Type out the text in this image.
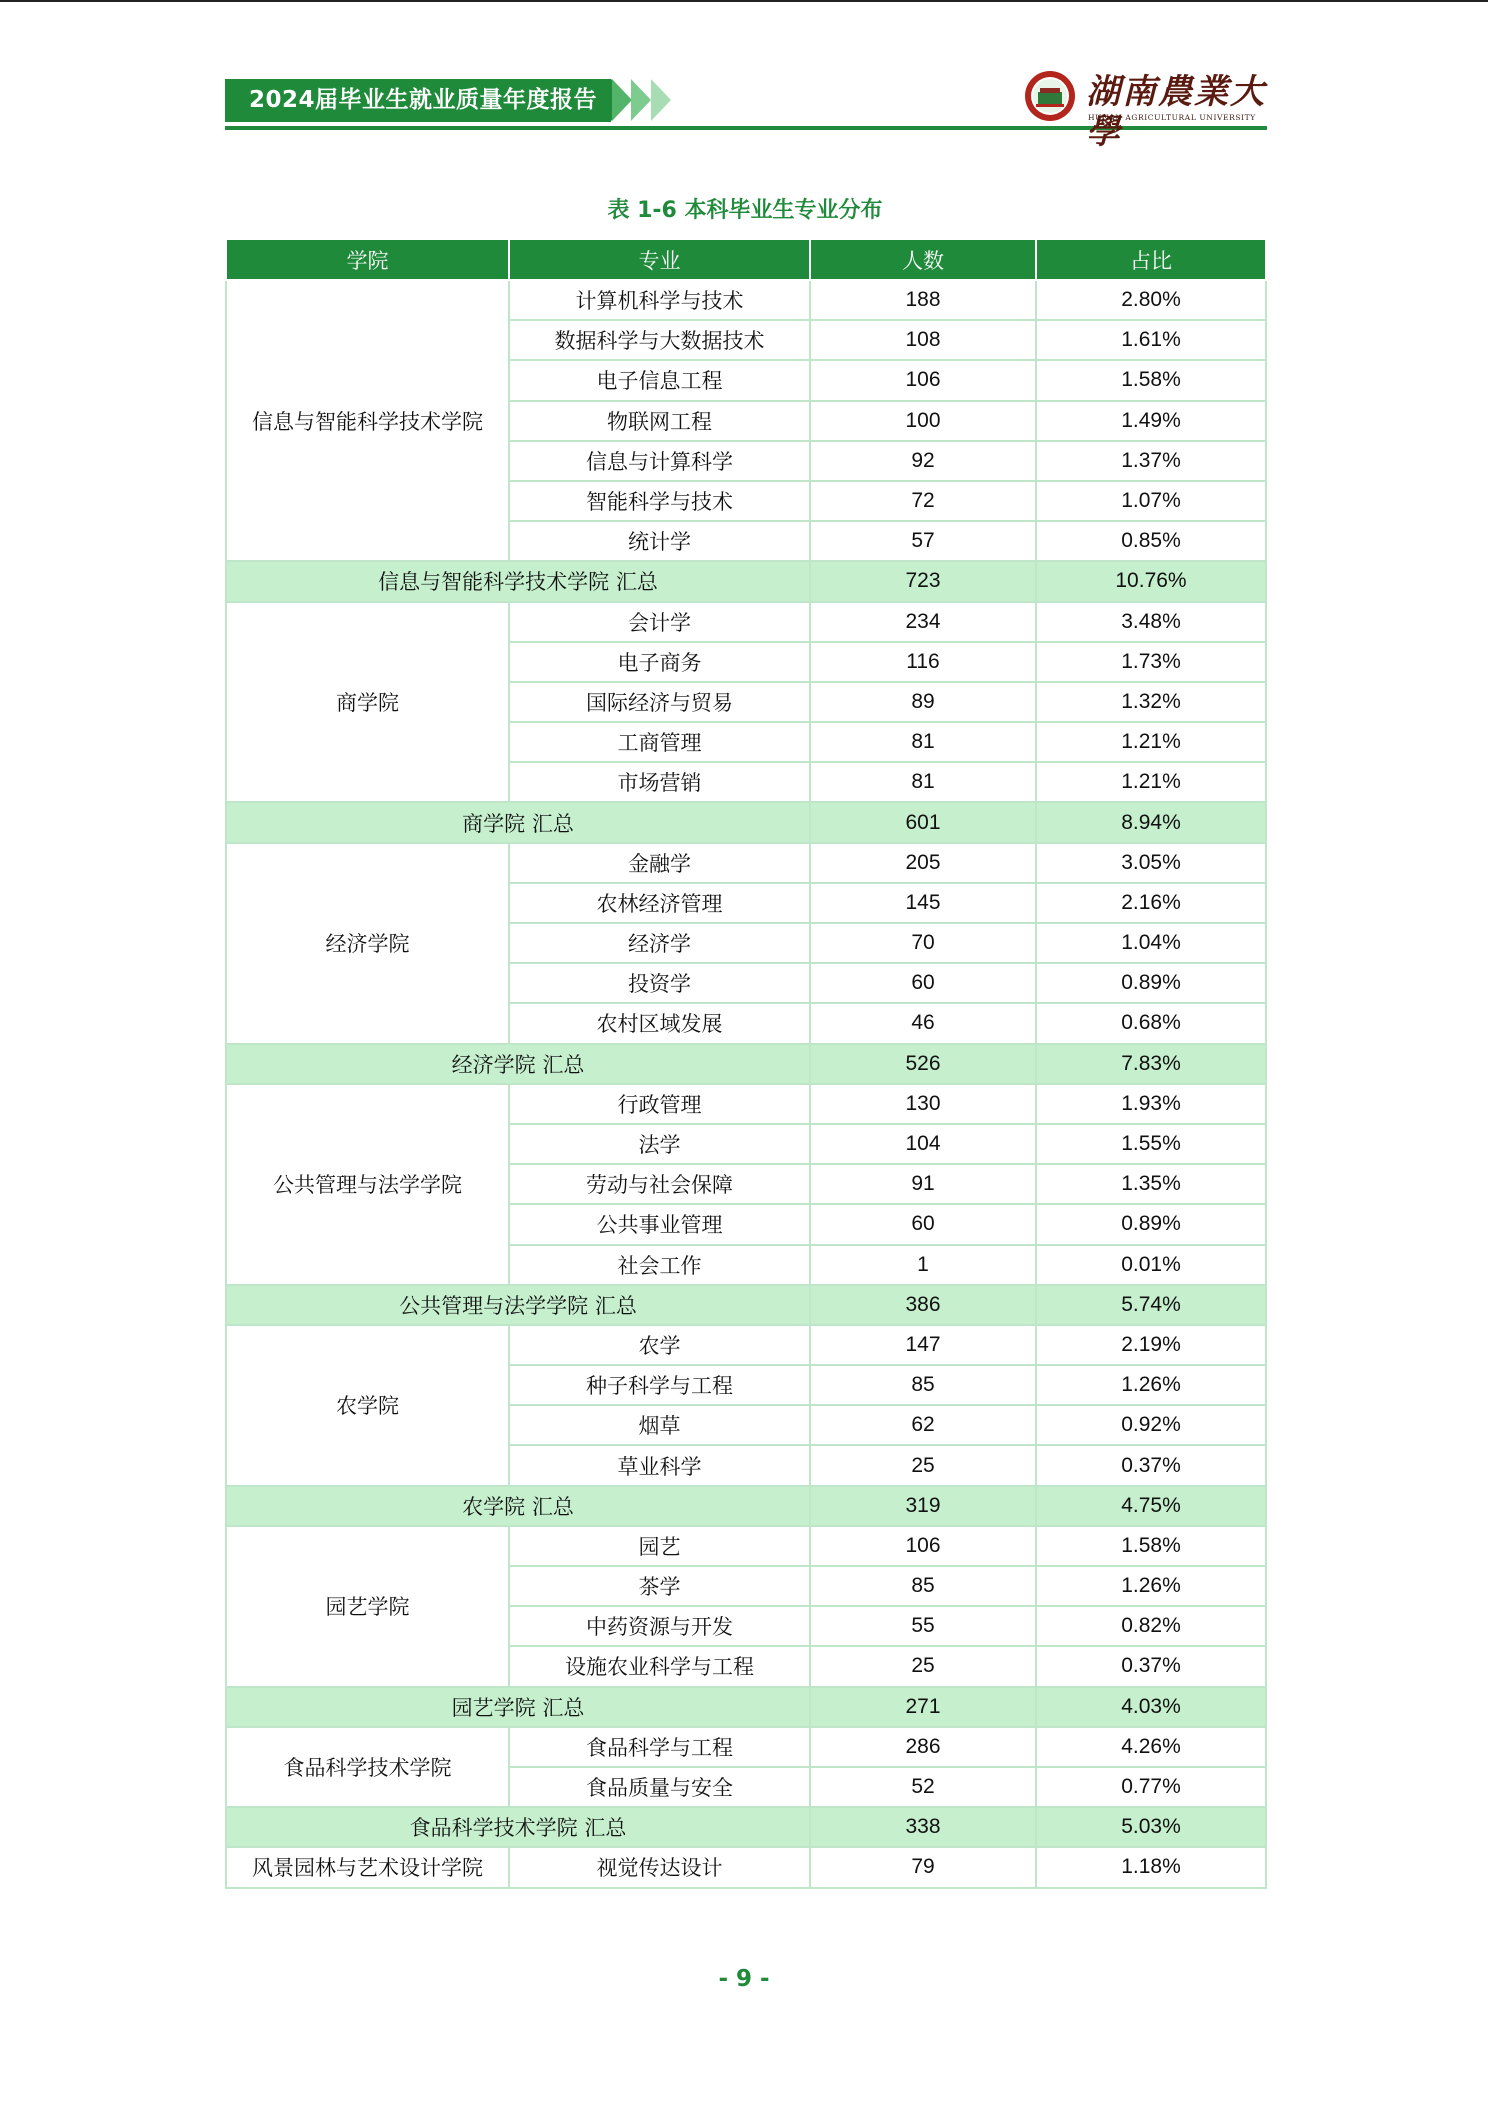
2024届毕业生就业质量年度报告	湖南農業大學
HUNAN AGRICULTURAL UNIVERSITY
表 1-6 本科毕业生专业分布
学院	专业	人数	占比
信息与智能科学技术学院	计算机科学与技术	188	2.80%
	数据科学与大数据技术	108	1.61%
	电子信息工程	106	1.58%
	物联网工程	100	1.49%
	信息与计算科学	92	1.37%
	智能科学与技术	72	1.07%
	统计学	57	0.85%
信息与智能科学技术学院 汇总		723	10.76%
商学院	会计学	234	3.48%
	电子商务	116	1.73%
	国际经济与贸易	89	1.32%
	工商管理	81	1.21%
	市场营销	81	1.21%
商学院 汇总		601	8.94%
经济学院	金融学	205	3.05%
	农林经济管理	145	2.16%
	经济学	70	1.04%
	投资学	60	0.89%
	农村区域发展	46	0.68%
经济学院 汇总		526	7.83%
公共管理与法学学院	行政管理	130	1.93%
	法学	104	1.55%
	劳动与社会保障	91	1.35%
	公共事业管理	60	0.89%
	社会工作	1	0.01%
公共管理与法学学院 汇总		386	5.74%
农学院	农学	147	2.19%
	种子科学与工程	85	1.26%
	烟草	62	0.92%
	草业科学	25	0.37%
农学院 汇总		319	4.75%
园艺学院	园艺	106	1.58%
	茶学	85	1.26%
	中药资源与开发	55	0.82%
	设施农业科学与工程	25	0.37%
园艺学院 汇总		271	4.03%
食品科学技术学院	食品科学与工程	286	4.26%
	食品质量与安全	52	0.77%
食品科学技术学院 汇总		338	5.03%
风景园林与艺术设计学院	视觉传达设计	79	1.18%
- 9 -
